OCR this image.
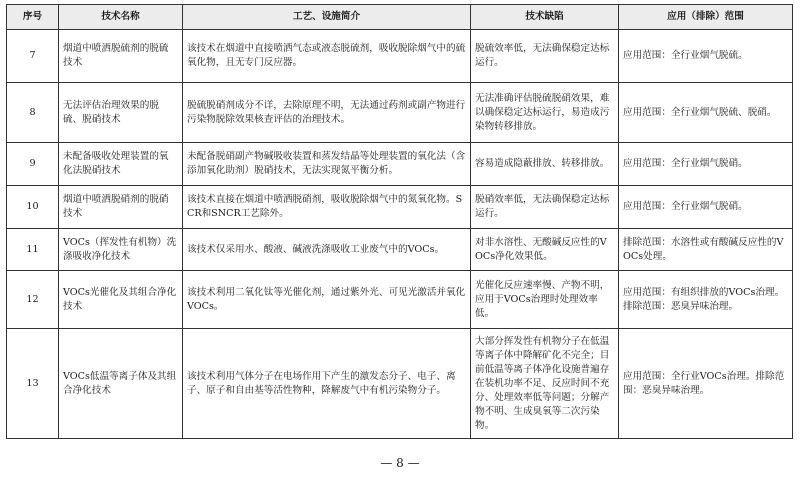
序号	技术名称	工艺、设施简介	技术缺陷	应用（排除）范围
7	烟道中喷洒脱硫剂的脱硫技术	该技术在烟道中直接喷洒气态或液态脱硫剂，吸收脱除烟气中的硫氧化物，且无专门反应器。	脱硫效率低，无法确保稳定达标运行。	应用范围：全行业烟气脱硫。
8	无法评估治理效果的脱硫、脱硝技术	脱硫脱硝剂成分不详，去除原理不明，无法通过药剂或副产物进行污染物脱除效果核查评估的治理技术。	无法准确评估脱硫脱硝效果，难以确保稳定达标运行，易造成污染物转移排放。	应用范围：全行业烟气脱硫、脱硝。
9	未配备吸收处理装置的氧化法脱硝技术	未配备脱硝副产物碱吸收装置和蒸发结晶等处理装置的氧化法（含添加氧化助剂）脱硝技术，无法实现氮平衡分析。	容易造成隐蔽排放、转移排放。	应用范围：全行业烟气脱硝。
10	烟道中喷洒脱硝剂的脱硝技术	该技术直接在烟道中喷洒脱硝剂，吸收脱除烟气中的氮氧化物。SCR和SNCR工艺除外。	脱硝效率低，无法确保稳定达标运行。	应用范围：全行业烟气脱硝。
11	VOCs（挥发性有机物）洗涤吸收净化技术	该技术仅采用水、酸液、碱液洗涤吸收工业废气中的VOCs。	对非水溶性、无酸碱反应性的VOCs净化效果低。	排除范围：水溶性或有酸碱反应性的VOCs处理。
12	VOCs光催化及其组合净化技术	该技术利用二氧化钛等光催化剂，通过紫外光、可见光激活并氧化VOCs。	光催化反应速率慢、产物不明，应用于VOCs治理时处理效率低。	应用范围：有组织排放的VOCs治理。排除范围：恶臭异味治理。
13	VOCs低温等离子体及其组合净化技术	该技术利用气体分子在电场作用下产生的激发态分子、电子、离子、原子和自由基等活性物种，降解废气中有机污染物分子。	大部分挥发性有机物分子在低温等离子体中降解矿化不完全；目前低温等离子体净化设施普遍存在装机功率不足、反应时间不充分、处理效率低等问题；分解产物不明、生成臭氧等二次污染物。	应用范围：全行业VOCs治理。排除范围：恶臭异味治理。
— 8 —
